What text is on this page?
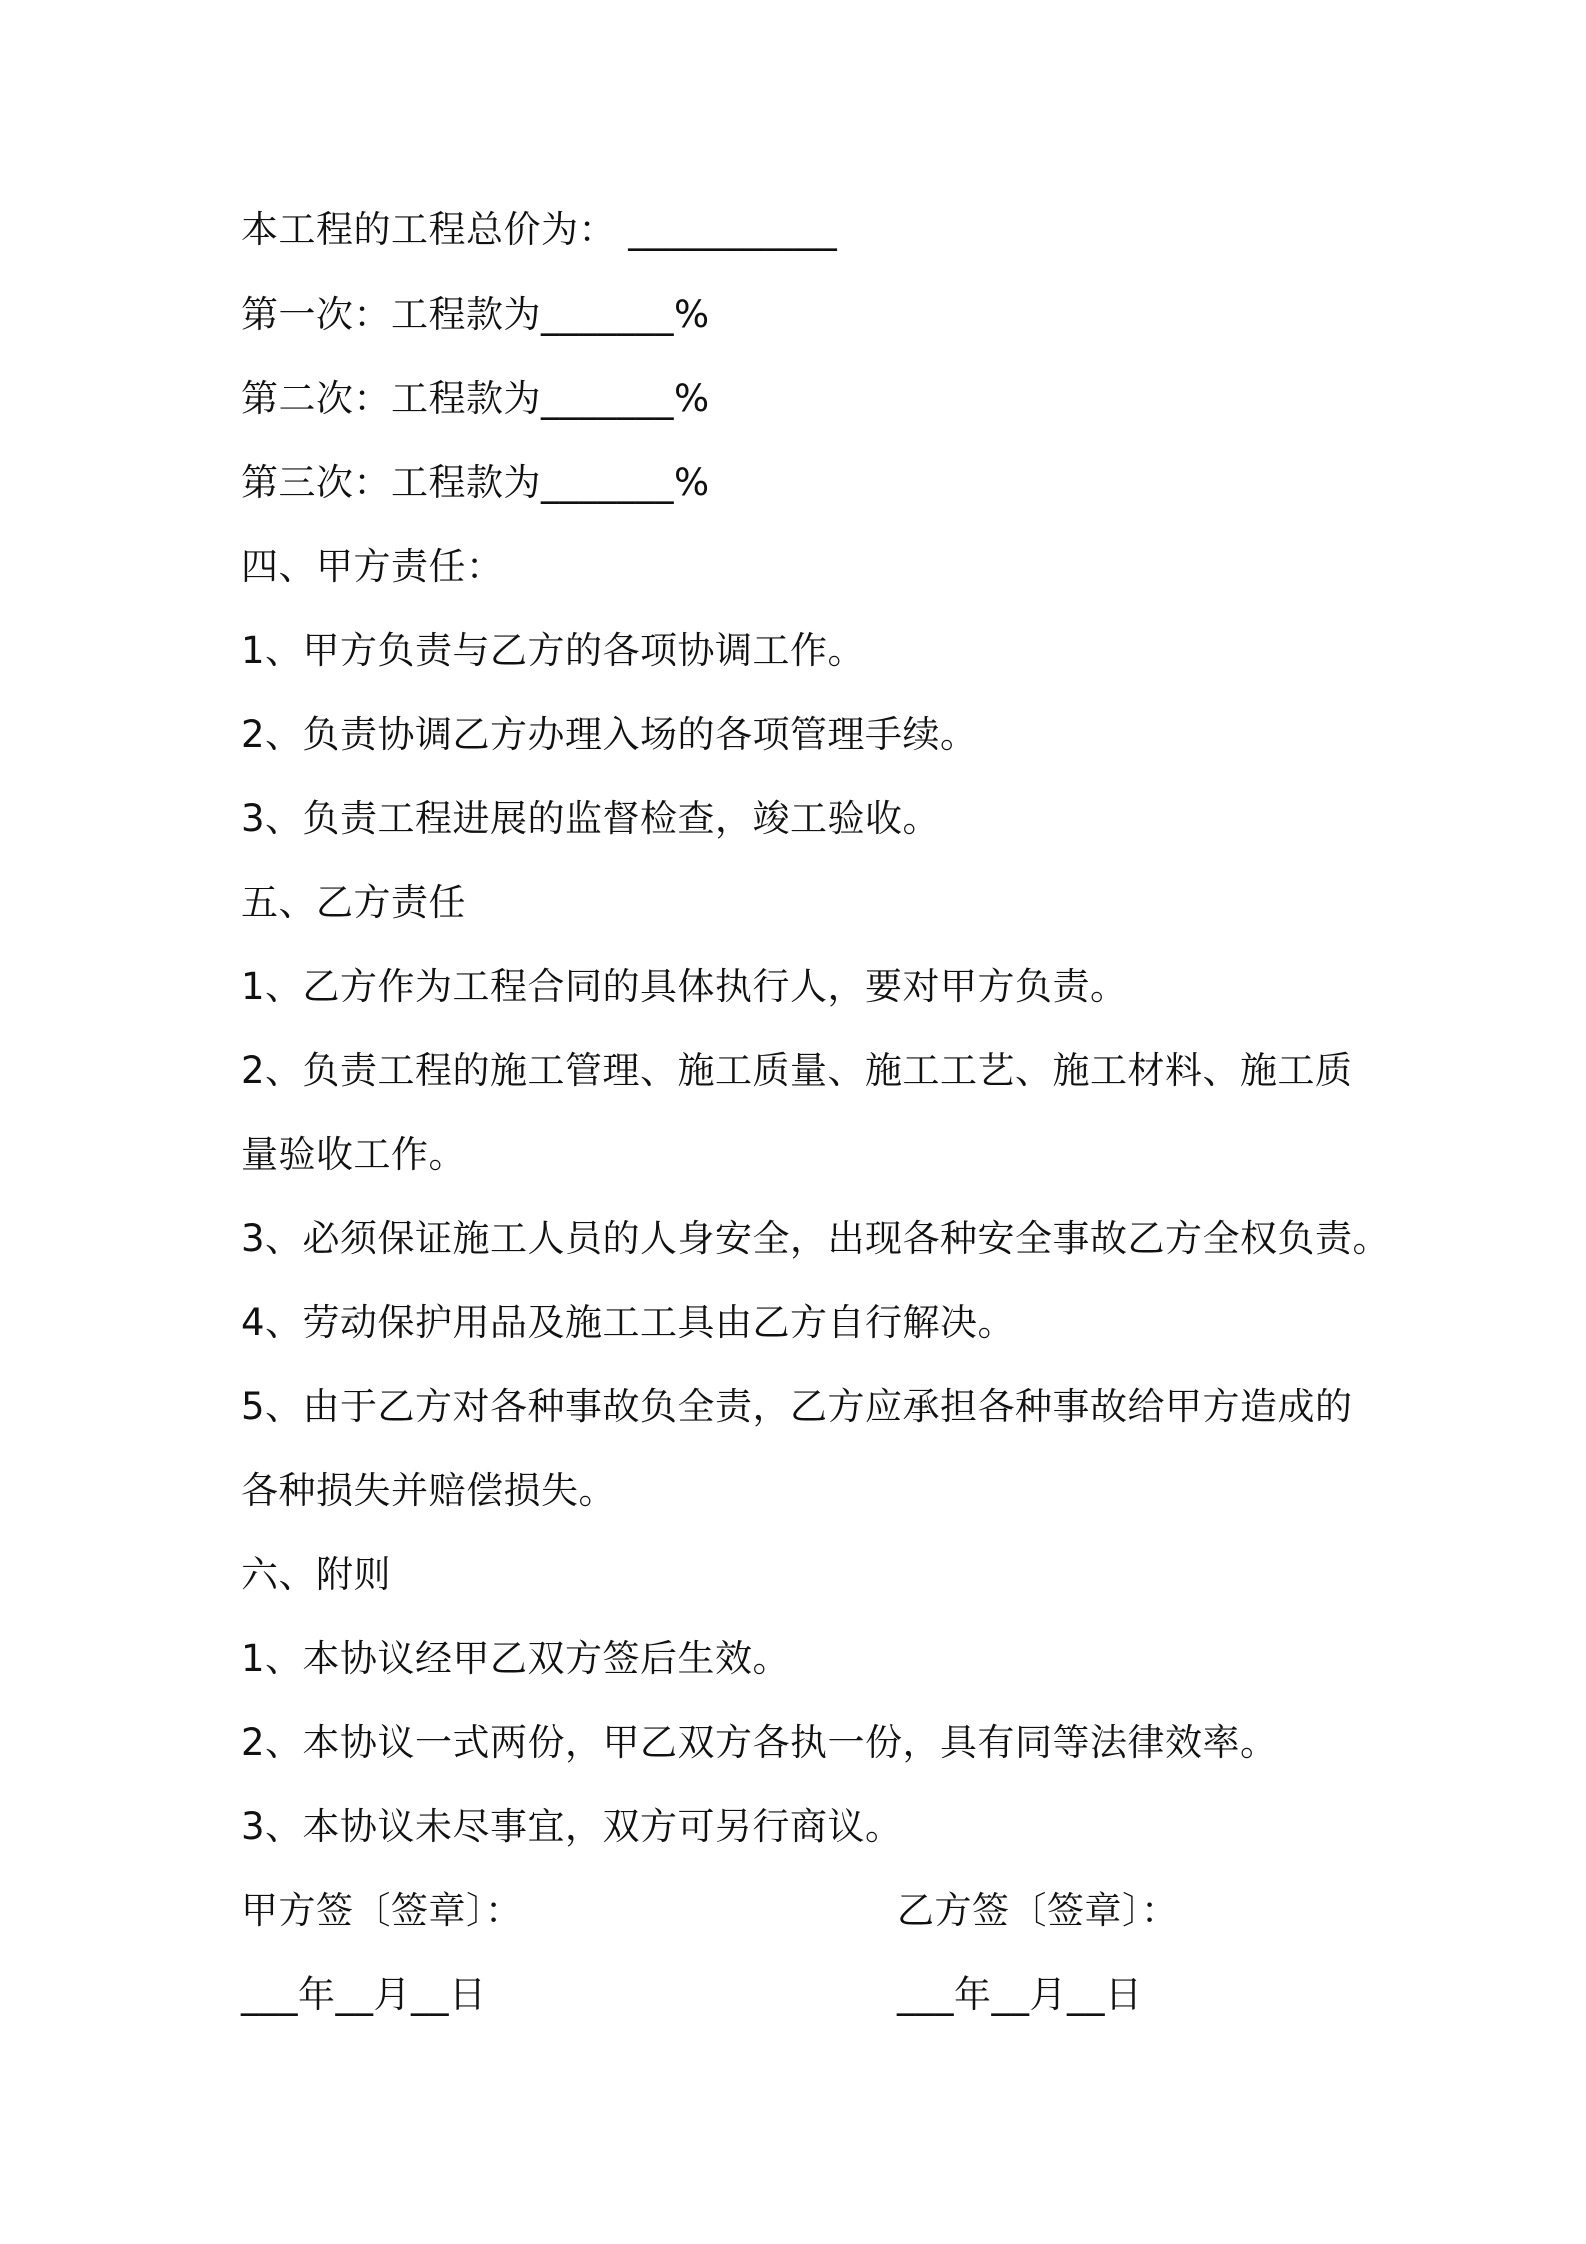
本工程的工程总价为： ___________
第一次：工程款为_______%
第二次：工程款为_______%
第三次：工程款为_______%
四、甲方责任：
1、甲方负责与乙方的各项协调工作。
2、负责协调乙方办理入场的各项管理手续。
3、负责工程进展的监督检查，竣工验收。
五、乙方责任
1、乙方作为工程合同的具体执行人，要对甲方负责。
2、负责工程的施工管理、施工质量、施工工艺、施工材料、施工质
量验收工作。
3、必须保证施工人员的人身安全，出现各种安全事故乙方全权负责。
4、劳动保护用品及施工工具由乙方自行解决。
5、由于乙方对各种事故负全责，乙方应承担各种事故给甲方造成的
各种损失并赔偿损失。
六、附则
1、本协议经甲乙双方签后生效。
2、本协议一式两份，甲乙双方各执一份，具有同等法律效率。
3、本协议未尽事宜，双方可另行商议。
甲方签〔签章〕：	乙方签〔签章〕：
___年__月__日	___年__月__日
